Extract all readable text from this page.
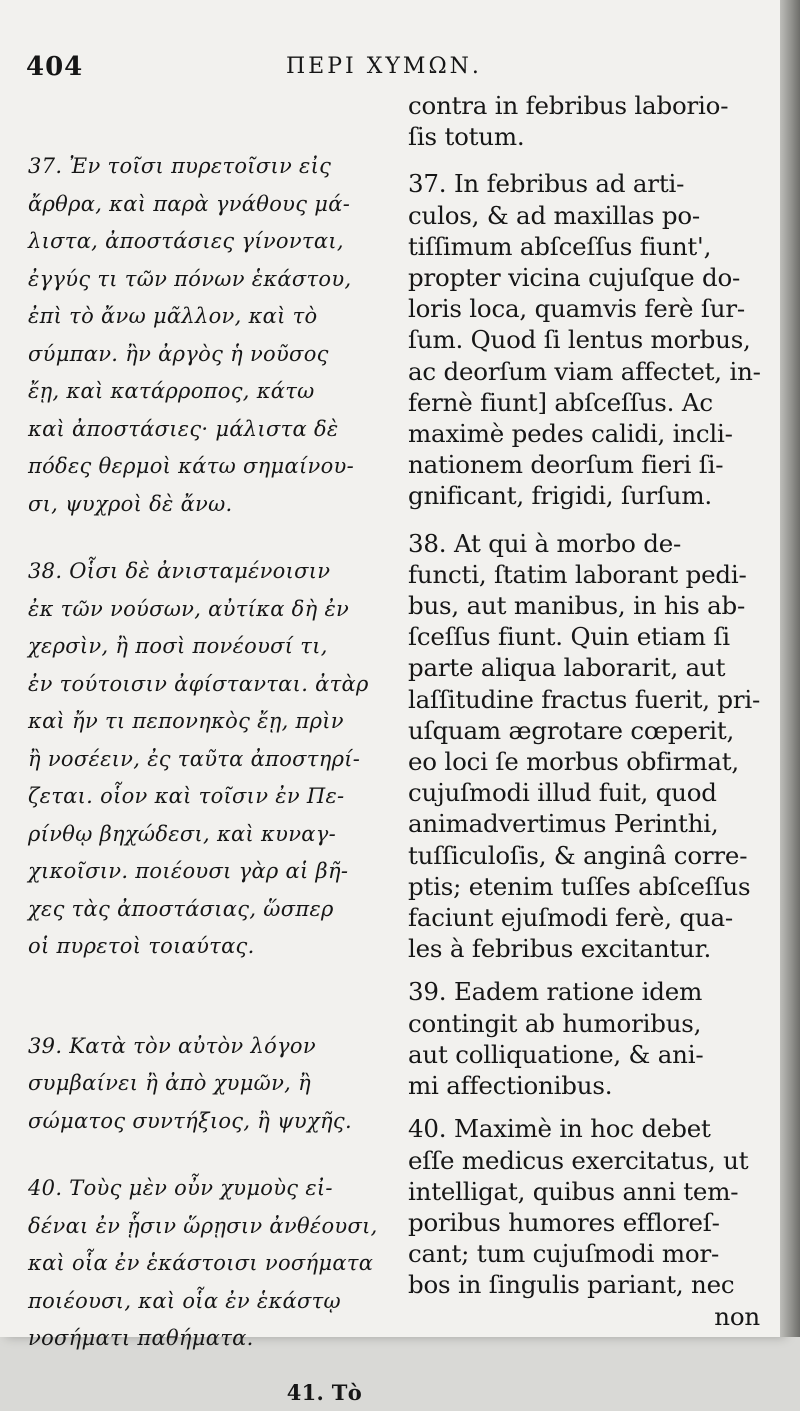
404	ΠΕΡΙ ΧΥΜΩΝ.
37. Ἐν τοῖσι πυρετοῖσιν εἰς
ἄρθρα, καὶ παρὰ γνάθους μά-
λιστα, ἀποστάσιες γίνονται,
ἐγγύς τι τῶν πόνων ἑκάστου,
ἐπὶ τὸ ἄνω μᾶλλον, καὶ τὸ
σύμπαν. ἢν ἀργὸς ἡ νοῦσος
ἔῃ, καὶ κατάρροπος, κάτω
καὶ ἀποστάσιες· μάλιστα δὲ
πόδες θερμοὶ κάτω σημαίνου-
σι, ψυχροὶ δὲ ἄνω.
38. Οἷσι δὲ ἀνισταμένοισιν
ἐκ τῶν νούσων, αὐτίκα δὴ ἐν
χερσὶν, ἢ ποσὶ πονέουσί τι,
ἐν τούτοισιν ἀφίστανται. ἀτὰρ
καὶ ἤν τι πεπονηκὸς ἔῃ, πρὶν
ἢ νοσέειν, ἐς ταῦτα ἀποστηρί-
ζεται. οἷον καὶ τοῖσιν ἐν Πε-
ρίνθῳ βηχώδεσι, καὶ κυναγ-
χικοῖσιν. ποιέουσι γὰρ αἱ βῆ-
χες τὰς ἀποστάσιας, ὥσπερ
οἱ πυρετοὶ τοιαύτας.
39. Κατὰ τὸν αὐτὸν λόγον
συμβαίνει ἢ ἀπὸ χυμῶν, ἢ
σώματος συντήξιος, ἢ ψυχῆς.
40. Τοὺς μὲν οὖν χυμοὺς εἰ-
δέναι ἐν ᾗσιν ὥρῃσιν ἀνθέουσι,
καὶ οἷα ἐν ἑκάστοισι νοσήματα
ποιέουσι, καὶ οἷα ἐν ἑκάστῳ
νοσήματι παθήματα.
41. Τὸ
contra in febribus laborio-
ſis totum.
37. In febribus ad arti-
culos, & ad maxillas po-
tiſſimum abſceſſus fiunt',
propter vicina cujuſque do-
loris loca, quamvis ferè ſur-
ſum. Quod ſi lentus morbus,
ac deorſum viam affectet, in-
fernè fiunt] abſceſſus. Ac
maximè pedes calidi, incli-
nationem deorſum fieri ſi-
gnificant, frigidi, ſurſum.
38. At qui à morbo de-
functi, ſtatim laborant pedi-
bus, aut manibus, in his ab-
ſceſſus fiunt. Quin etiam ſi
parte aliqua laborarit, aut
laſſitudine fractus fuerit, pri-
uſquam ægrotare cœperit,
eo loci ſe morbus obfirmat,
cujuſmodi illud fuit, quod
animadvertimus Perinthi,
tuſſiculoſis, & anginâ corre-
ptis; etenim tuſſes abſceſſus
faciunt ejuſmodi ferè, qua-
les à febribus excitantur.
39. Eadem ratione idem
contingit ab humoribus,
aut colliquatione, & ani-
mi affectionibus.
40. Maximè in hoc debet
eſſe medicus exercitatus, ut
intelligat, quibus anni tem-
poribus humores effloreſ-
cant; tum cujuſmodi mor-
bos in ſingulis pariant, nec
non
